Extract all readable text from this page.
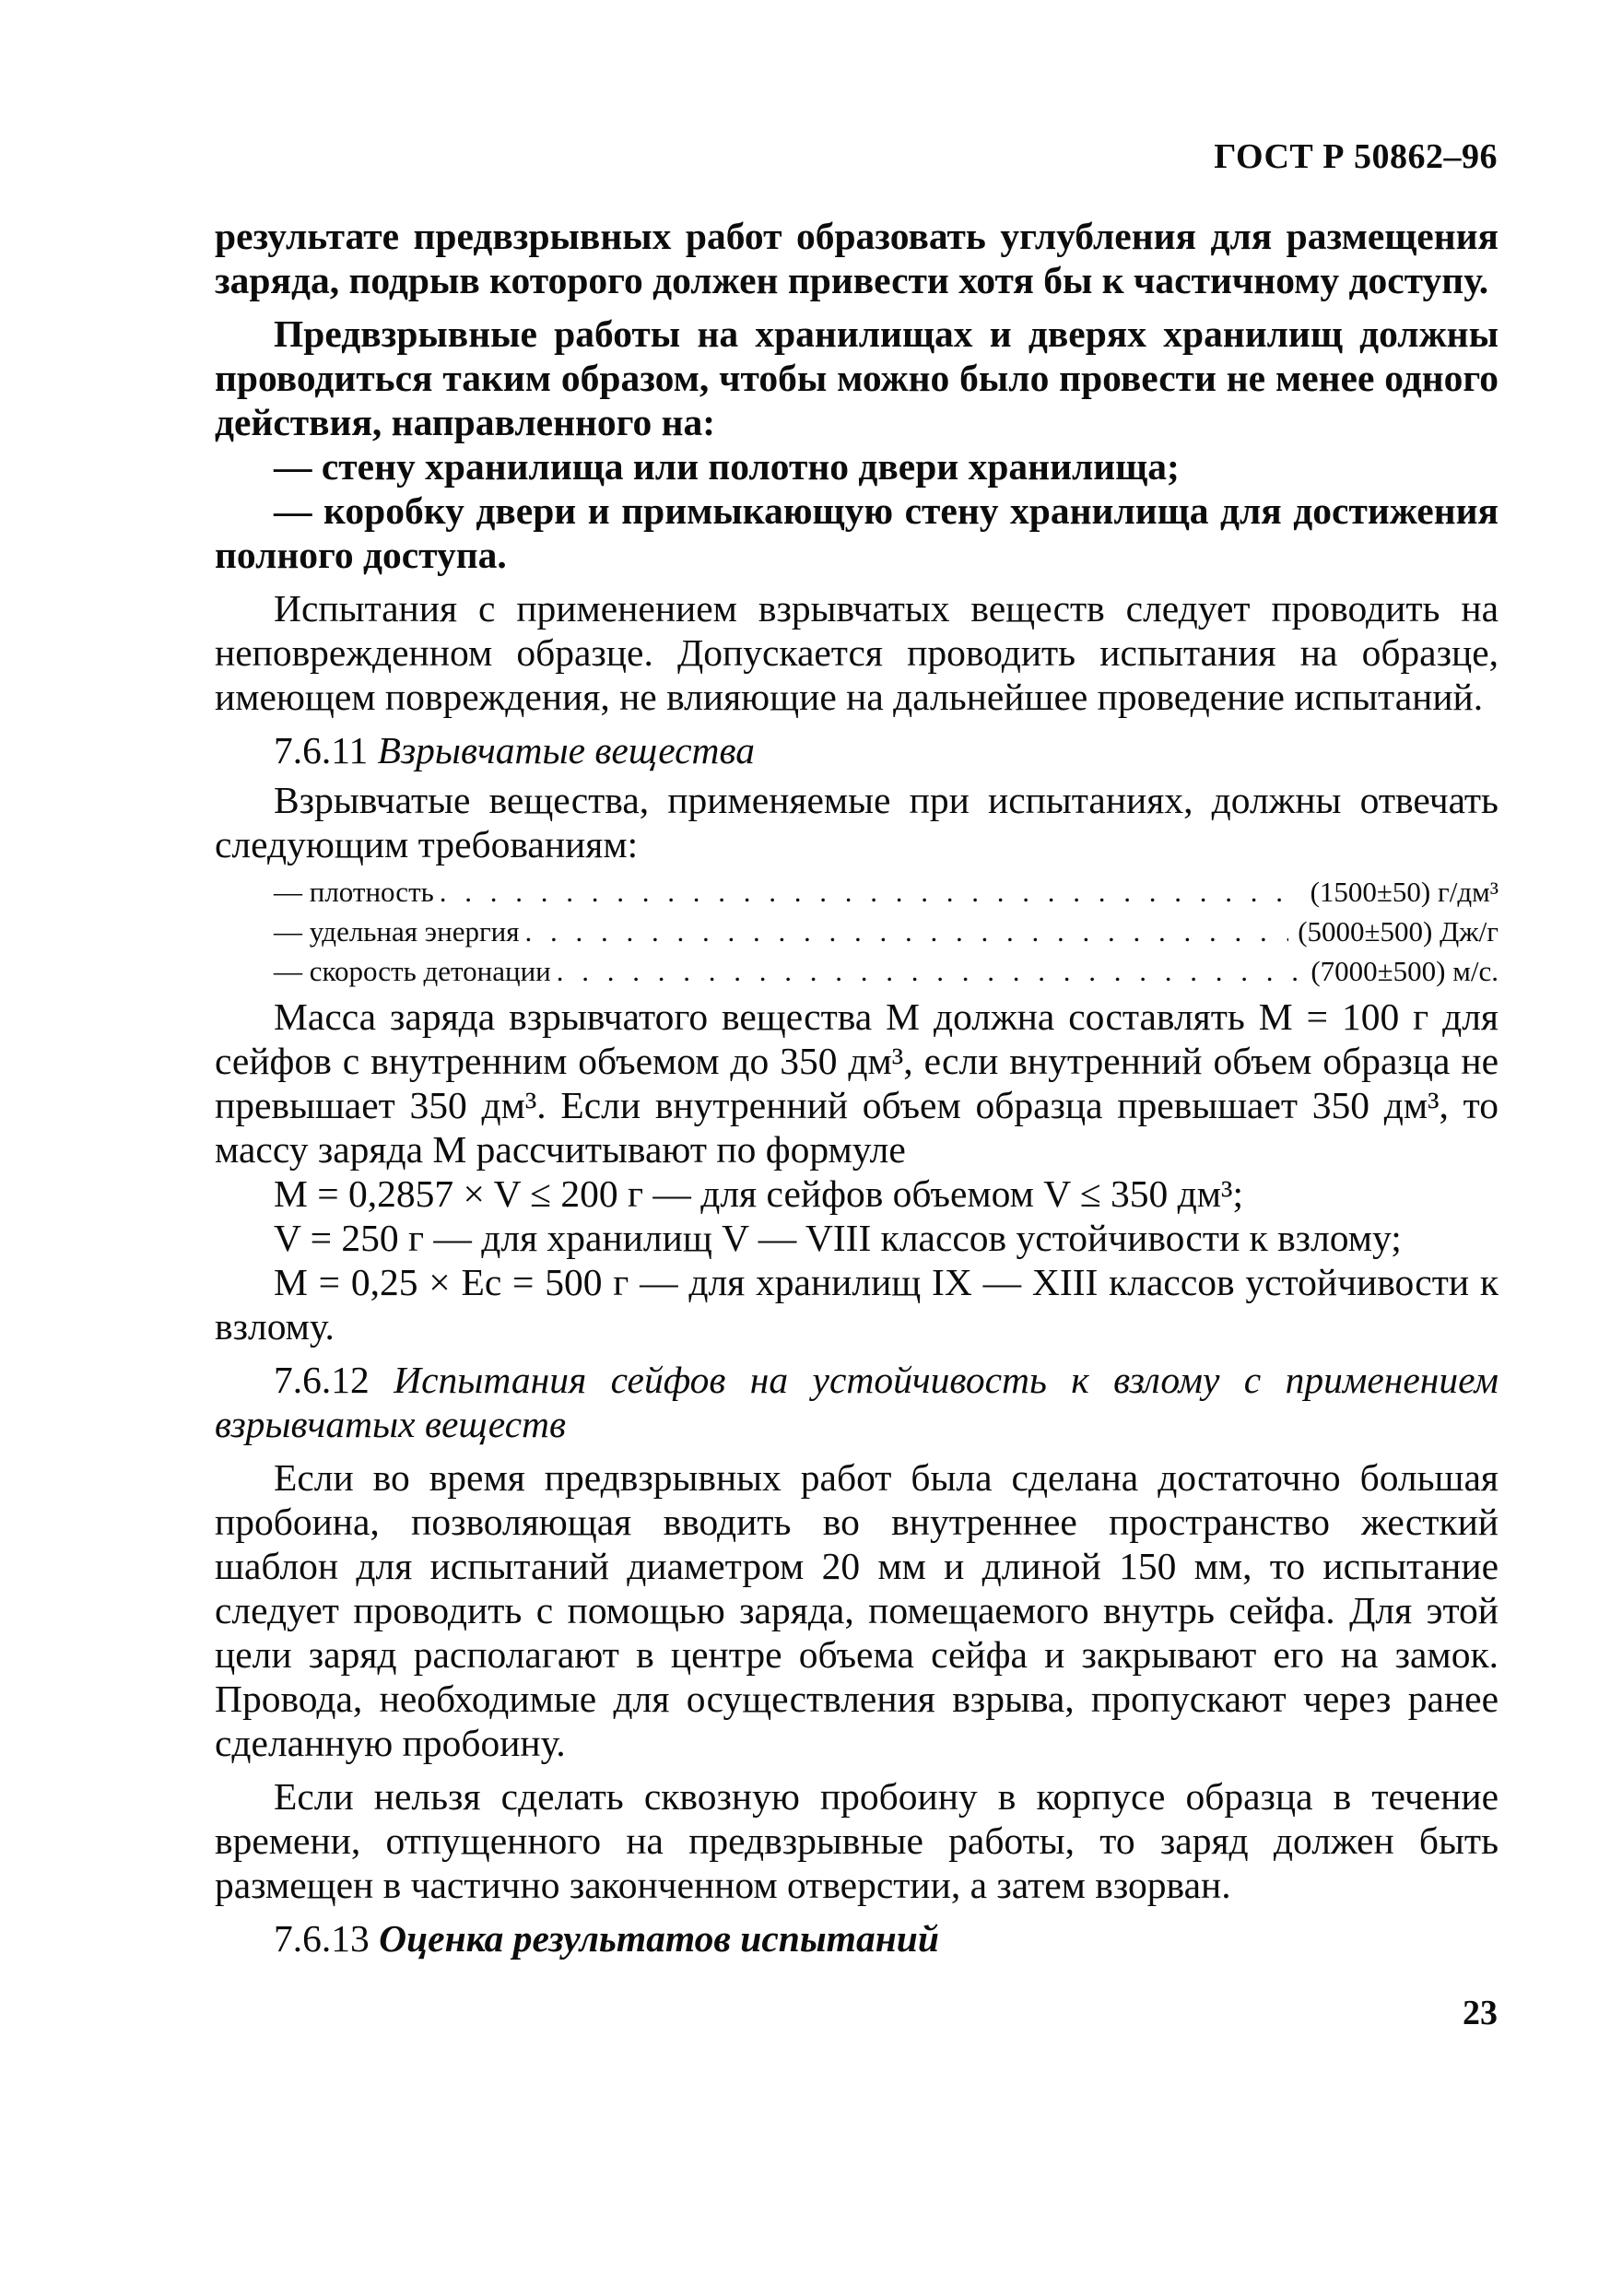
ГОСТ Р 50862–96

результате предвзрывных работ образовать углубления для размещения заряда, подрыв которого должен привести хотя бы к частичному доступу.

Предвзрывные работы на хранилищах и дверях хранилищ должны проводиться таким образом, чтобы можно было провести не менее одного действия, направленного на:

— стену хранилища или полотно двери хранилища;

— коробку двери и примыкающую стену хранилища для достижения полного доступа.

Испытания с применением взрывчатых веществ следует проводить на неповрежденном образце. Допускается проводить испытания на образце, имеющем повреждения, не влияющие на дальнейшее проведение испытаний.

7.6.11 Взрывчатые вещества

Взрывчатые вещества, применяемые при испытаниях, должны отвечать следующим требованиям:

— плотность . . .	(1500±50) г/дм³
— удельная энергия . . .	(5000±500) Дж/г
— скорость детонации . . .	(7000±500) м/с.

Масса заряда взрывчатого вещества M должна составлять M = 100 г для сейфов с внутренним объемом до 350 дм³, если внутренний объем образца не превышает 350 дм³. Если внутренний объем образца превышает 350 дм³, то массу заряда M рассчитывают по формуле

M = 0,2857 × V ≤ 200 г — для сейфов объемом V ≤ 350 дм³;

V = 250 г — для хранилищ V — VIII классов устойчивости к взлому;

M = 0,25 × Ec = 500 г — для хранилищ IX — XIII классов устойчивости к взлому.

7.6.12 Испытания сейфов на устойчивость к взлому с применением взрывчатых веществ

Если во время предвзрывных работ была сделана достаточно большая пробоина, позволяющая вводить во внутреннее пространство жесткий шаблон для испытаний диаметром 20 мм и длиной 150 мм, то испытание следует проводить с помощью заряда, помещаемого внутрь сейфа. Для этой цели заряд располагают в центре объема сейфа и закрывают его на замок. Провода, необходимые для осуществления взрыва, пропускают через ранее сделанную пробоину.

Если нельзя сделать сквозную пробоину в корпусе образца в течение времени, отпущенного на предвзрывные работы, то заряд должен быть размещен в частично законченном отверстии, а затем взорван.

7.6.13 Оценка результатов испытаний

23
